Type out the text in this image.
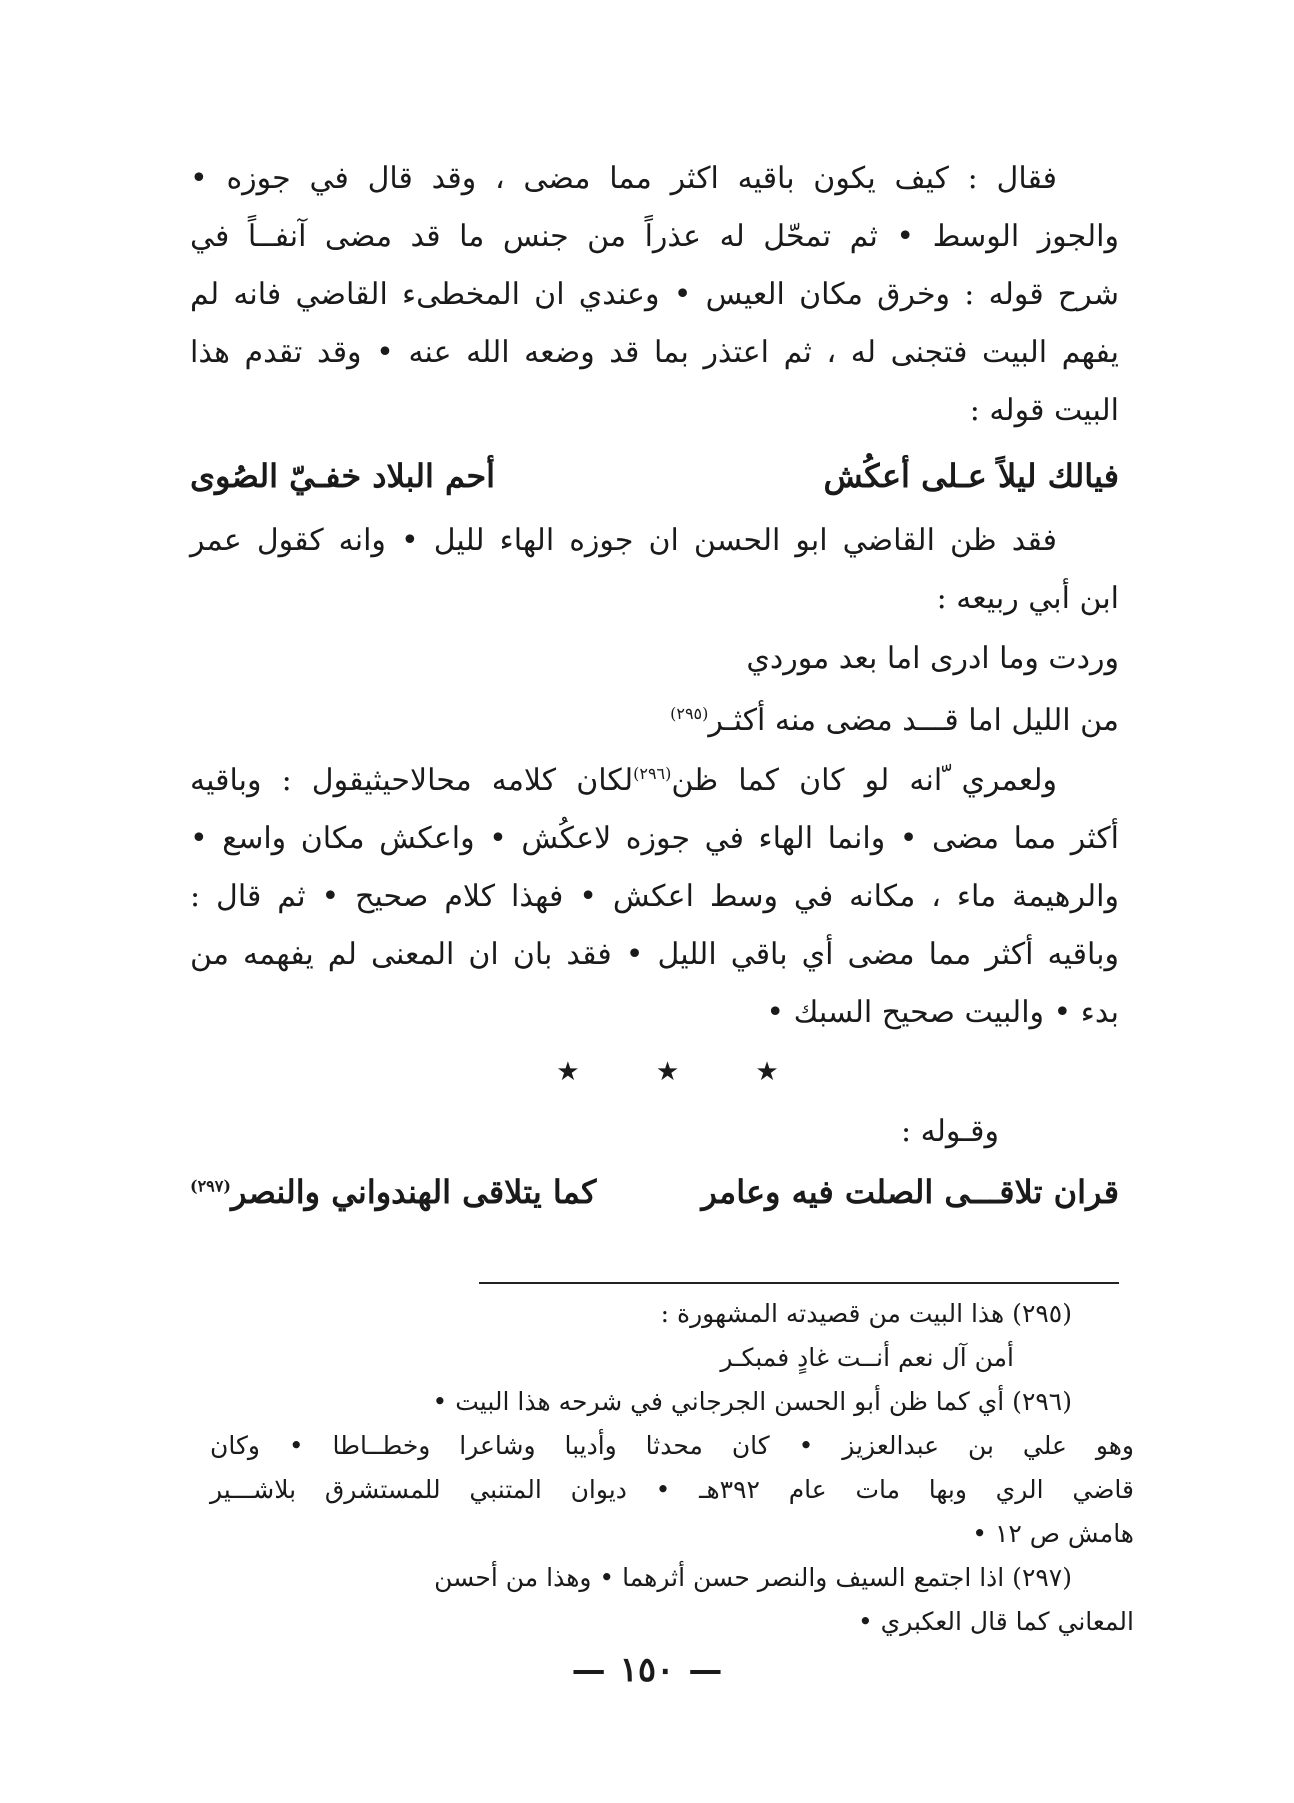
فقال : كيف يكون باقيه اكثر مما مضى ، وقد قال في جوزه •
والجوز الوسط • ثم تمحّل له عذراً من جنس ما قد مضى آنفــاً في
شرح قوله : وخرق مكان العيس • وعندي ان المخطىء القاضي فانه لم
يفهم البيت فتجنى له ، ثم اعتذر بما قد وضعه الله عنه • وقد تقدم هذا
البيت قوله :
فيالك ليلاً عـلى أعكُش
أحم البلاد خفـيّ الصُوى
فقد ظن القاضي ابو الحسن ان جوزه الهاء لليل • وانه كقول عمر
ابن أبي ربيعه :
وردت وما ادرى اما بعد موردي
من الليل اما قـــد مضى منه أكثـر$^{(٢٩٥)}$
ولعمري ّانه لو كان كما ظن$^{(٢٩٦)}$لكان كلامه محالاحيثيقول : وباقيه
أكثر مما مضى • وانما الهاء في جوزه لاعكُش • واعكش مكان واسع •
والرهيمة ماء ، مكانه في وسط اعكش • فهذا كلام صحيح • ثم قال :
وباقيه أكثر مما مضى أي باقي الليل • فقد بان ان المعنى لم يفهمه من
بدء • والبيت صحيح السبك •
★ ★ ★
وقـوله :
قران تلاقـــى الصلت فيه وعامر
كما يتلاقى الهندواني والنصر$^{(٢٩٧)}$
(٢٩٥) هذا البيت من قصيدته المشهورة :
أمن آل نعم أنــت غادٍ فمبكـر
(٢٩٦) أي كما ظن أبو الحسن الجرجاني في شرحه هذا البيت •
وهو علي بن عبدالعزيز • كان محدثا وأديبا وشاعرا وخطــاطا • وكان
قاضي الري وبها مات عام ٣٩٢هـ • ديوان المتنبي للمستشرق بلاشـــير
هامش ص ١٢ •
(٢٩٧) اذا اجتمع السيف والنصر حسن أثرهما • وهذا من أحسن
المعاني كما قال العكبري •
— ١٥٠ —
